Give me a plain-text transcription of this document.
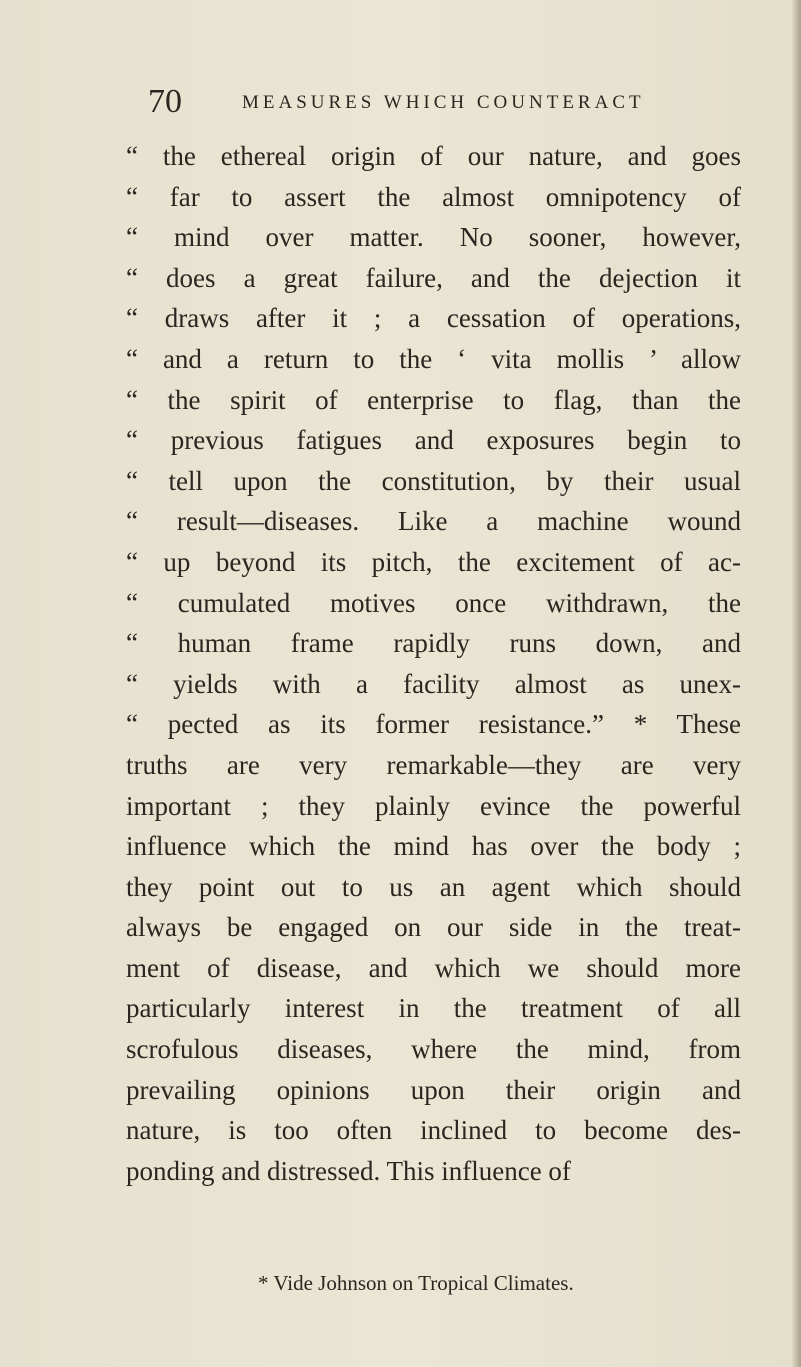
70	MEASURES WHICH COUNTERACT
“ the ethereal origin of our nature, and goes
“ far to assert the almost omnipotency of
“ mind over matter. No sooner, however,
“ does a great failure, and the dejection it
“ draws after it ; a cessation of operations,
“ and a return to the ‘ vita mollis ’ allow
“ the spirit of enterprise to flag, than the
“ previous fatigues and exposures begin to
“ tell upon the constitution, by their usual
“ result—diseases. Like a machine wound
“ up beyond its pitch, the excitement of ac-
“ cumulated motives once withdrawn, the
“ human frame rapidly runs down, and
“ yields with a facility almost as unex-
“ pected as its former resistance.” * These
truths are very remarkable—they are very
important ; they plainly evince the powerful
influence which the mind has over the body ;
they point out to us an agent which should
always be engaged on our side in the treat-
ment of disease, and which we should more
particularly interest in the treatment of all
scrofulous diseases, where the mind, from
prevailing opinions upon their origin and
nature, is too often inclined to become des-
ponding and distressed. This influence of
* Vide Johnson on Tropical Climates.
